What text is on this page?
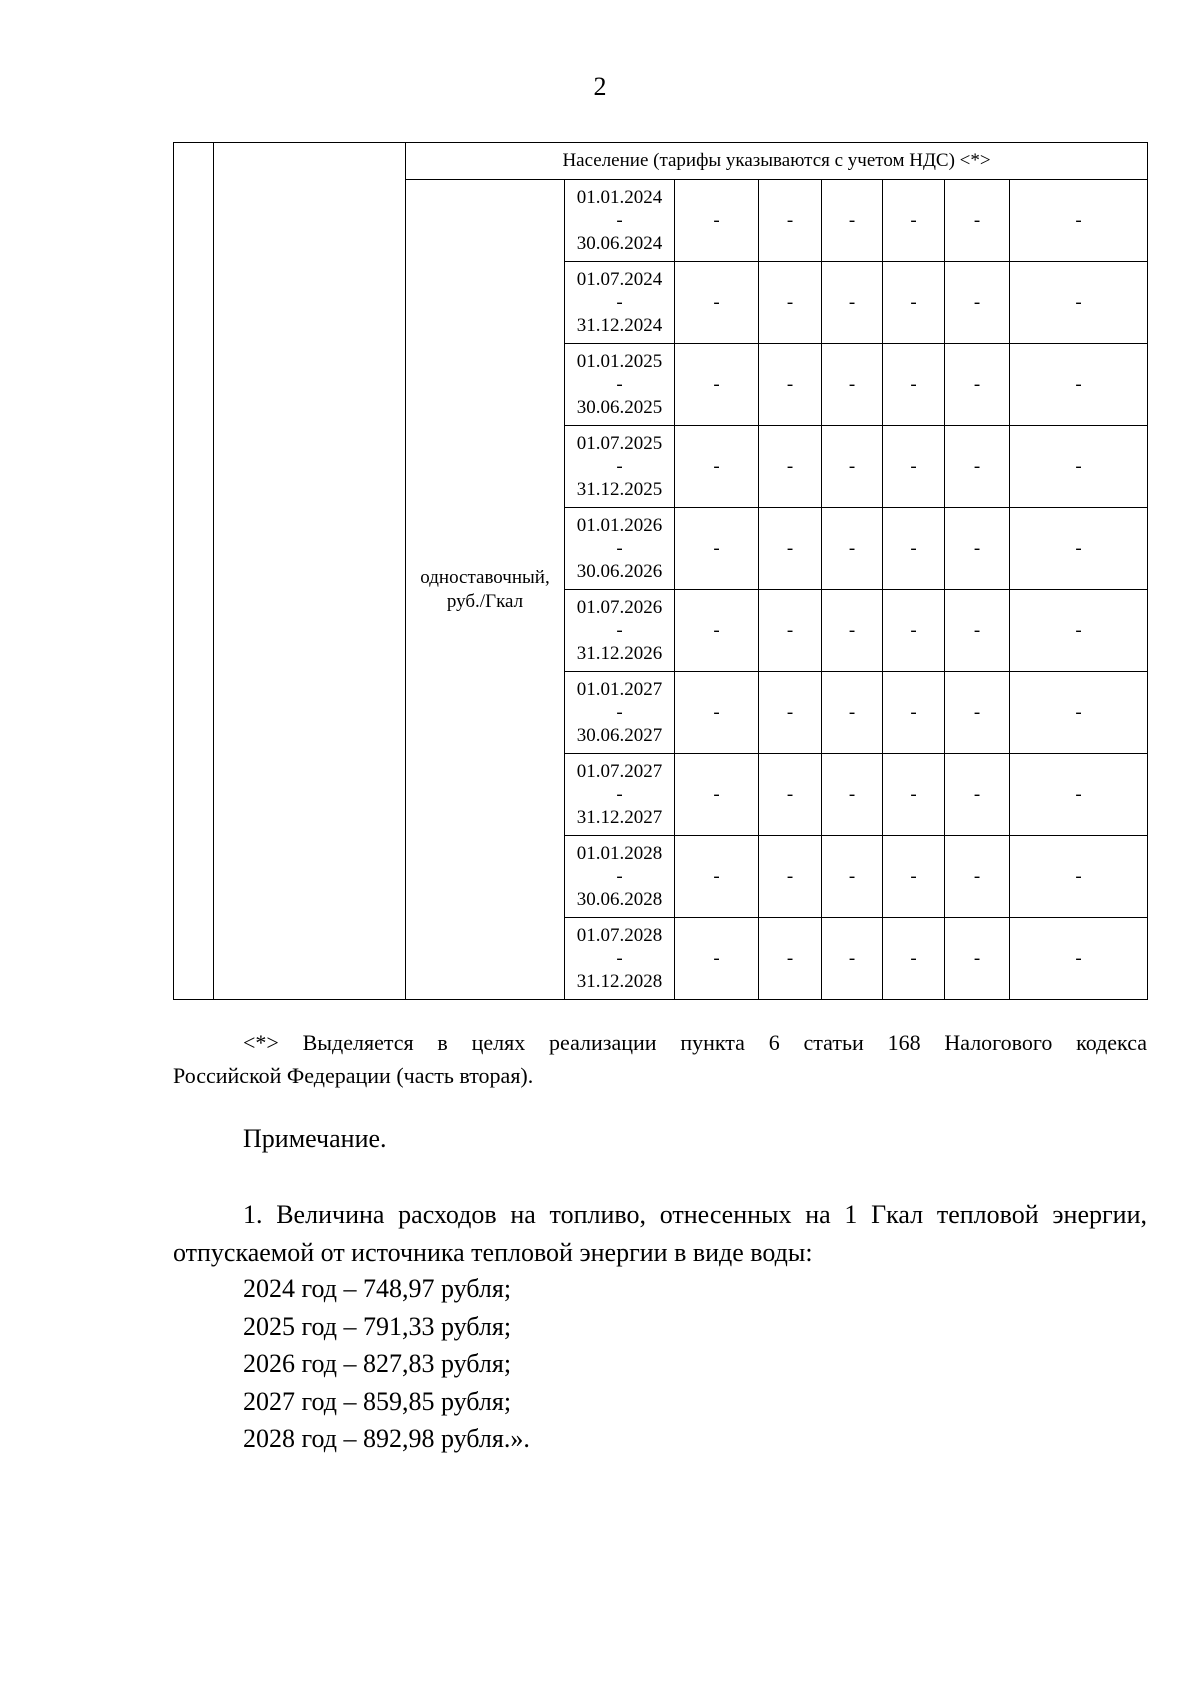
2
		Население (тарифы указываются с учетом НДС) <*>							
		одноставочный, руб./Гкал	01.01.2024
-
30.06.2024	-	-	-	-	-	-

			01.07.2024
-
31.12.2024	-	-	-	-	-	-

			01.01.2025
-
30.06.2025	-	-	-	-	-	-

			01.07.2025
-
31.12.2025	-	-	-	-	-	-

			01.01.2026
-
30.06.2026	-	-	-	-	-	-

			01.07.2026
-
31.12.2026	-	-	-	-	-	-

			01.01.2027
-
30.06.2027	-	-	-	-	-	-

			01.07.2027
-
31.12.2027	-	-	-	-	-	-

			01.01.2028
-
30.06.2028	-	-	-	-	-	-

			01.07.2028
-
31.12.2028	-	-	-	-	-	-
<*> Выделяется в целях реализации пункта 6 статьи 168 Налогового кодекса
Российской Федерации (часть вторая).
Примечание.
1. Величина расходов на топливо, отнесенных на 1 Гкал тепловой энергии,
отпускаемой от источника тепловой энергии в виде воды:
2024 год – 748,97 рубля;
2025 год – 791,33 рубля;
2026 год – 827,83 рубля;
2027 год – 859,85 рубля;
2028 год – 892,98 рубля.».
